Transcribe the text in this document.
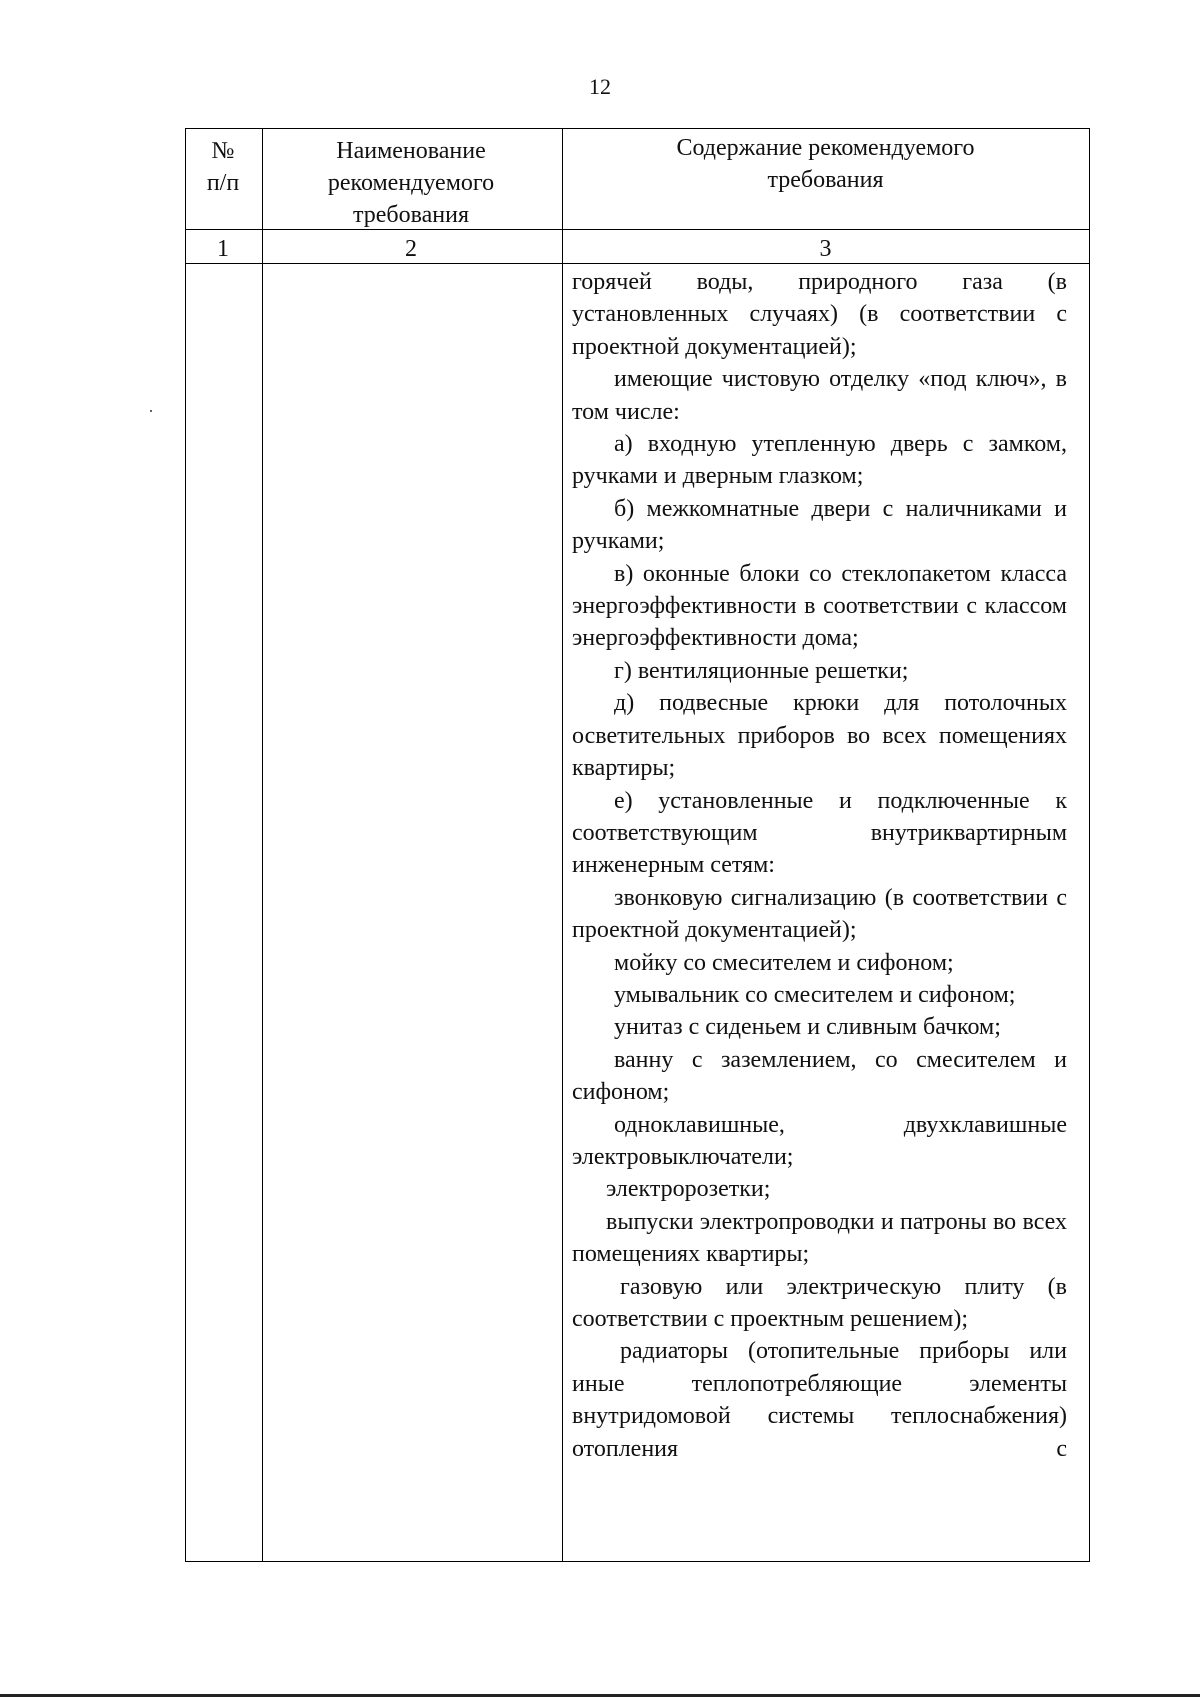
12
№
п/п
Наименование
рекомендуемого
требования
Содержание рекомендуемого
требования
1	2	3
горячей воды, природного газа (в установленных случаях) (в соответствии с проектной документацией);
имеющие чистовую отделку «под ключ», в том числе:
а) входную утепленную дверь с замком, ручками и дверным глазком;
б) межкомнатные двери с наличниками и ручками;
в) оконные блоки со стеклопакетом класса энергоэффективности в соответствии с классом энергоэффективности дома;
г) вентиляционные решетки;
д) подвесные крюки для потолочных осветительных приборов во всех помещениях квартиры;
е) установленные и подключенные к соответствующим внутриквартирным инженерным сетям:
звонковую сигнализацию (в соответствии с проектной документацией);
мойку со смесителем и сифоном;
умывальник со смесителем и сифоном;
унитаз с сиденьем и сливным бачком;
ванну с заземлением, со смесителем и сифоном;
одноклавишные, двухклавишные электровыключатели;
электророзетки;
выпуски электропроводки и патроны во всех помещениях квартиры;
газовую или электрическую плиту (в соответствии с проектным решением);
радиаторы (отопительные приборы или иные теплопотребляющие элементы внутридомовой системы теплоснабжения) отопления с
